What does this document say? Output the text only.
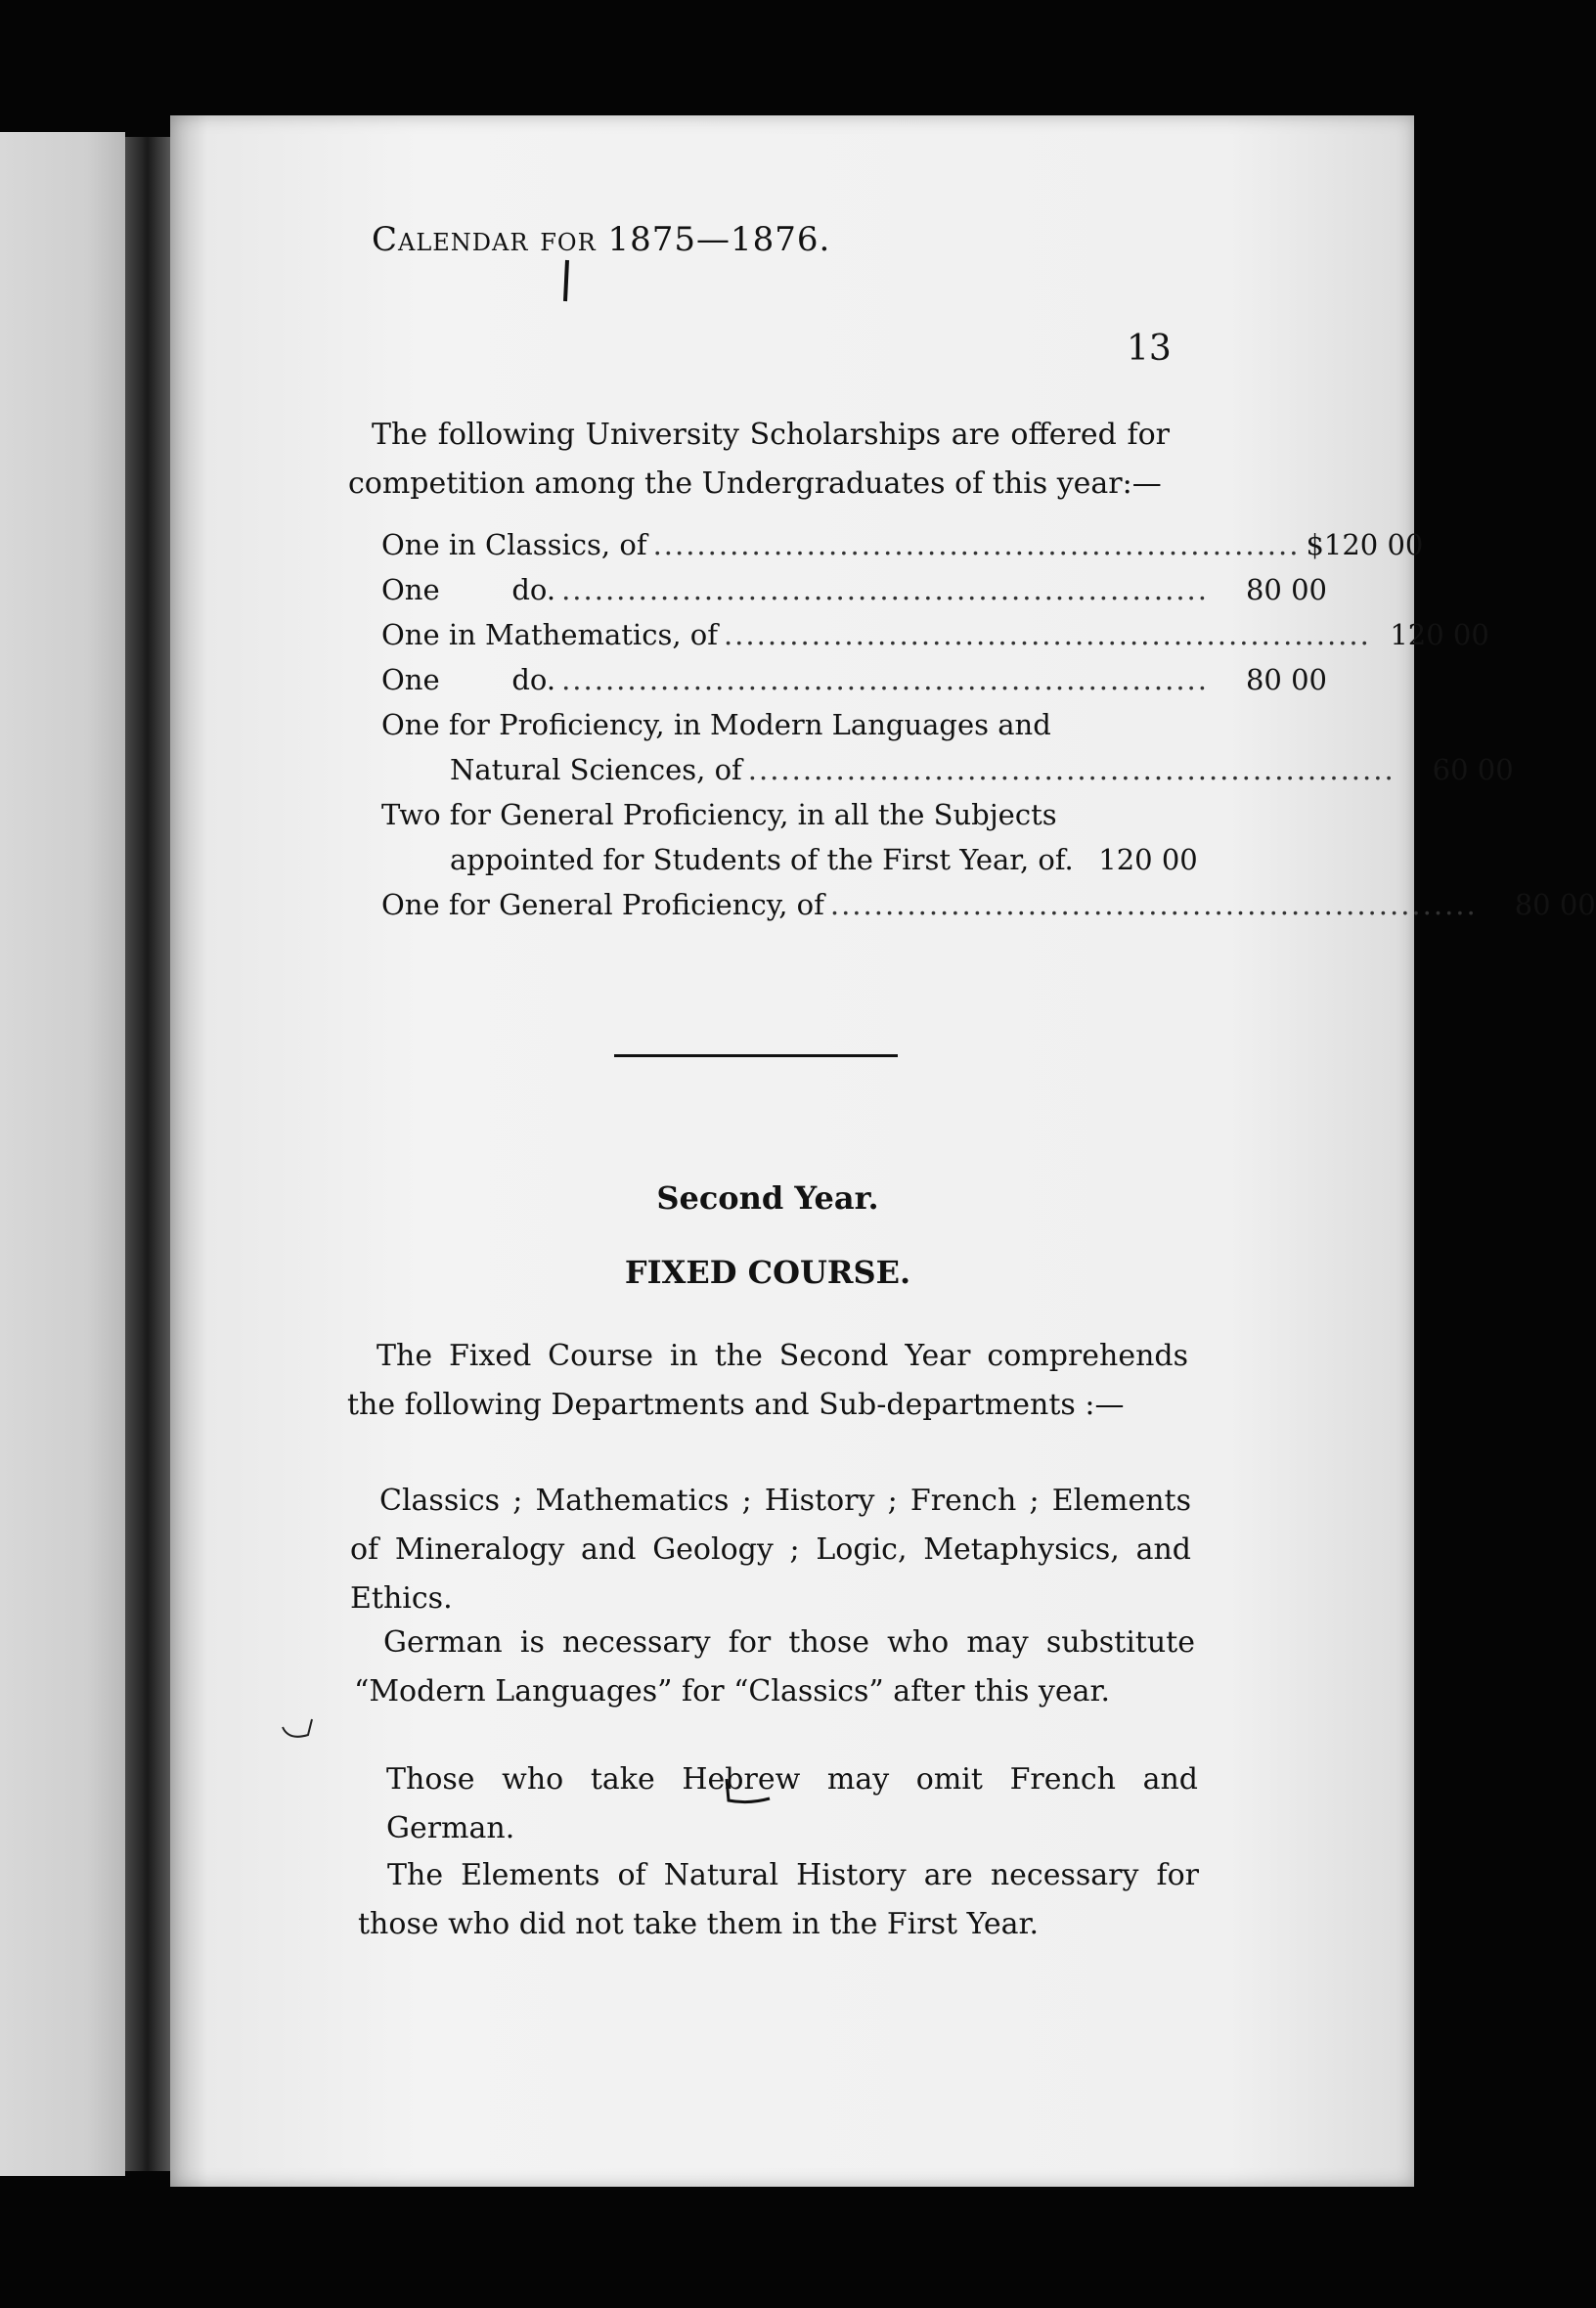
Calendar for 1875—1876.
13
The following University Scholarships are offered for competition among the Undergraduates of this year:—
One in Classics, of ........................................................... $120 00
One        do. ...........................................................	80 00
One in Mathematics, of ........................................................... 120 00
One        do. ...........................................................	80 00
One for Proficiency, in Modern Languages and
Natural Sciences, of ...........................................................	60 00
Two for General Proficiency, in all the Subjects
appointed for Students of the First Year, of. 120 00
One for General Proficiency, of ...........................................................	80 00
Second Year.
FIXED COURSE.
The Fixed Course in the Second Year comprehends the following Departments and Sub-departments :—
Classics ; Mathematics ; History ; French ; Elements of Mineralogy and Geology ; Logic, Metaphysics, and Ethics.
German is necessary for those who may substitute “Modern Languages” for “Classics” after this year.
Those who take Hebrew may omit French and German.
The Elements of Natural History are necessary for those who did not take them in the First Year.
